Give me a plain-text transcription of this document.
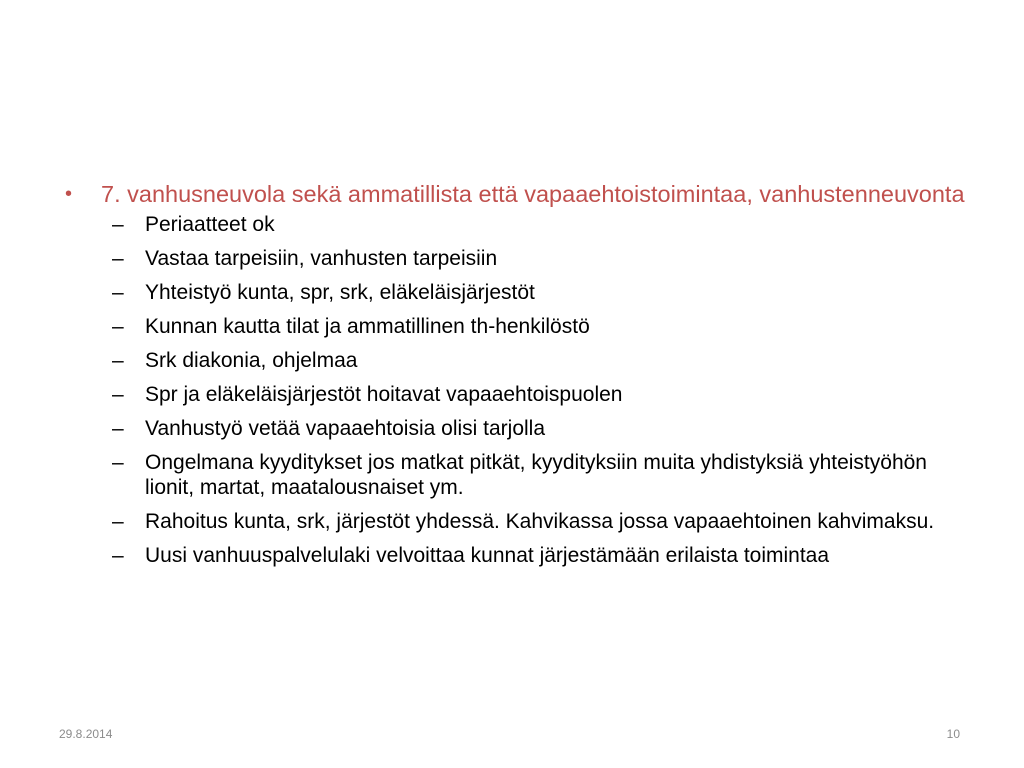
•	7. vanhusneuvola sekä ammatillista että vapaaehtoistoimintaa, vanhustenneuvonta
–	Periaatteet ok
–	Vastaa tarpeisiin, vanhusten tarpeisiin
–	Yhteistyö kunta, spr, srk, eläkeläisjärjestöt
–	Kunnan kautta tilat ja ammatillinen th-henkilöstö
–	Srk diakonia, ohjelmaa
–	Spr ja eläkeläisjärjestöt hoitavat vapaaehtoispuolen
–	Vanhustyö vetää vapaaehtoisia olisi tarjolla
–	Ongelmana kyyditykset jos matkat pitkät, kyydityksiin muita yhdistyksiä yhteistyöhön lionit, martat, maatalousnaiset ym.
–	Rahoitus kunta, srk, järjestöt yhdessä. Kahvikassa jossa vapaaehtoinen kahvimaksu.
–	Uusi vanhuuspalvelulaki velvoittaa kunnat järjestämään erilaista toimintaa
29.8.2014	10
